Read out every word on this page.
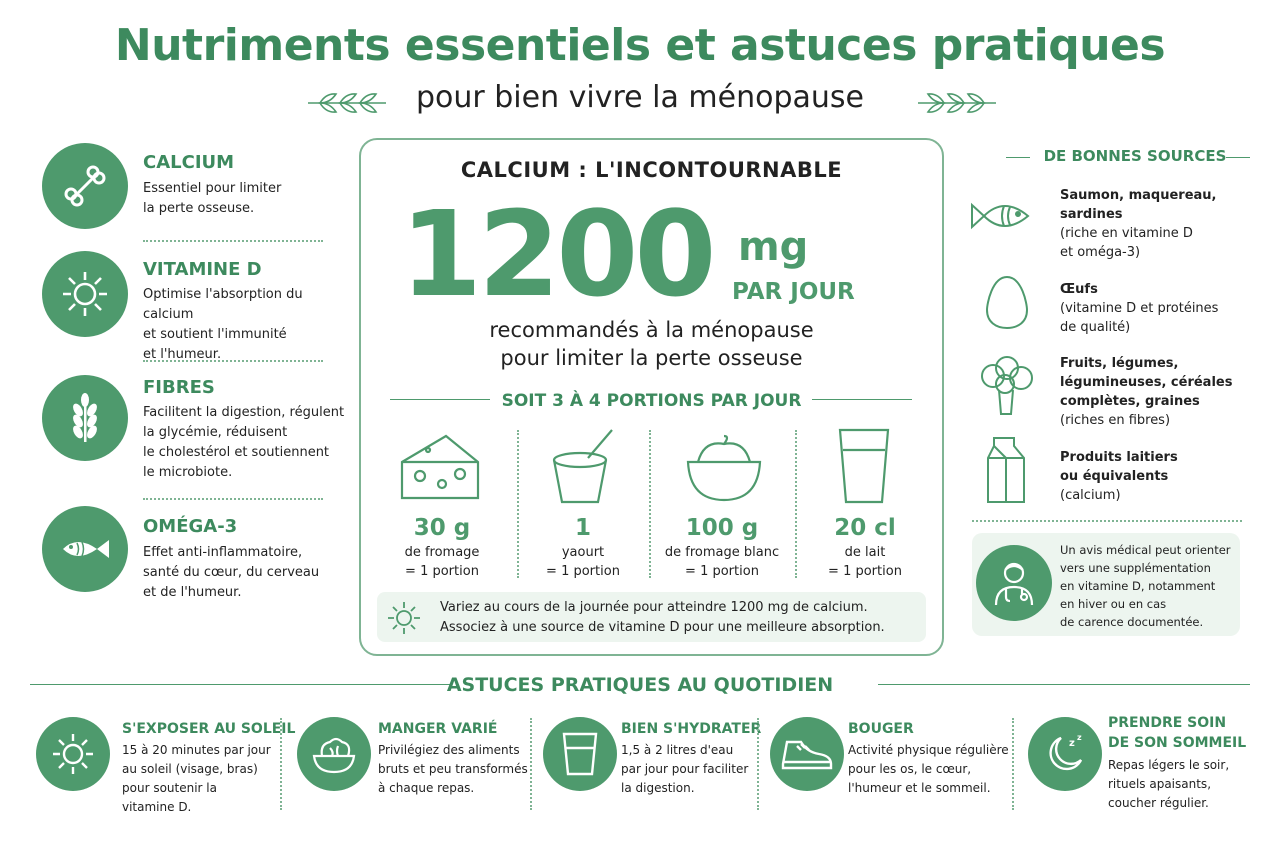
Nutriments essentiels et astuces pratiques
pour bien vivre la ménopause
CALCIUM
Essentiel pour limiter
la perte osseuse.
VITAMINE D
Optimise l'absorption du calcium
et soutient l'immunité
et l'humeur.
FIBRES
Facilitent la digestion, régulent
la glycémie, réduisent
le cholestérol et soutiennent
le microbiote.
OMÉGA-3
Effet anti-inflammatoire,
santé du cœur, du cerveau
et de l'humeur.
CALCIUM : L'INCONTOURNABLE
1200 mg
PAR JOUR
recommandés à la ménopause
pour limiter la perte osseuse
SOIT 3 À 4 PORTIONS PAR JOUR
30 g
de fromage
= 1 portion
1
yaourt
= 1 portion
100 g
de fromage blanc
= 1 portion
20 cl
de lait
= 1 portion
Variez au cours de la journée pour atteindre 1200 mg de calcium.
Associez à une source de vitamine D pour une meilleure absorption.
DE BONNES SOURCES
Saumon, maquereau,
sardines
(riche en vitamine D
et oméga-3)
Œufs
(vitamine D et protéines
de qualité)
Fruits, légumes,
légumineuses, céréales
complètes, graines
(riches en fibres)
Produits laitiers
ou équivalents
(calcium)
Un avis médical peut orienter
vers une supplémentation
en vitamine D, notamment
en hiver ou en cas
de carence documentée.
ASTUCES PRATIQUES AU QUOTIDIEN
S'EXPOSER AU SOLEIL
15 à 20 minutes par jour
au soleil (visage, bras)
pour soutenir la
vitamine D.
MANGER VARIÉ
Privilégiez des aliments
bruts et peu transformés
à chaque repas.
BIEN S'HYDRATER
1,5 à 2 litres d'eau
par jour pour faciliter
la digestion.
BOUGER
Activité physique régulière
pour les os, le cœur,
l'humeur et le sommeil.
z
z
PRENDRE SOIN
DE SON SOMMEIL
Repas légers le soir,
rituels apaisants,
coucher régulier.
